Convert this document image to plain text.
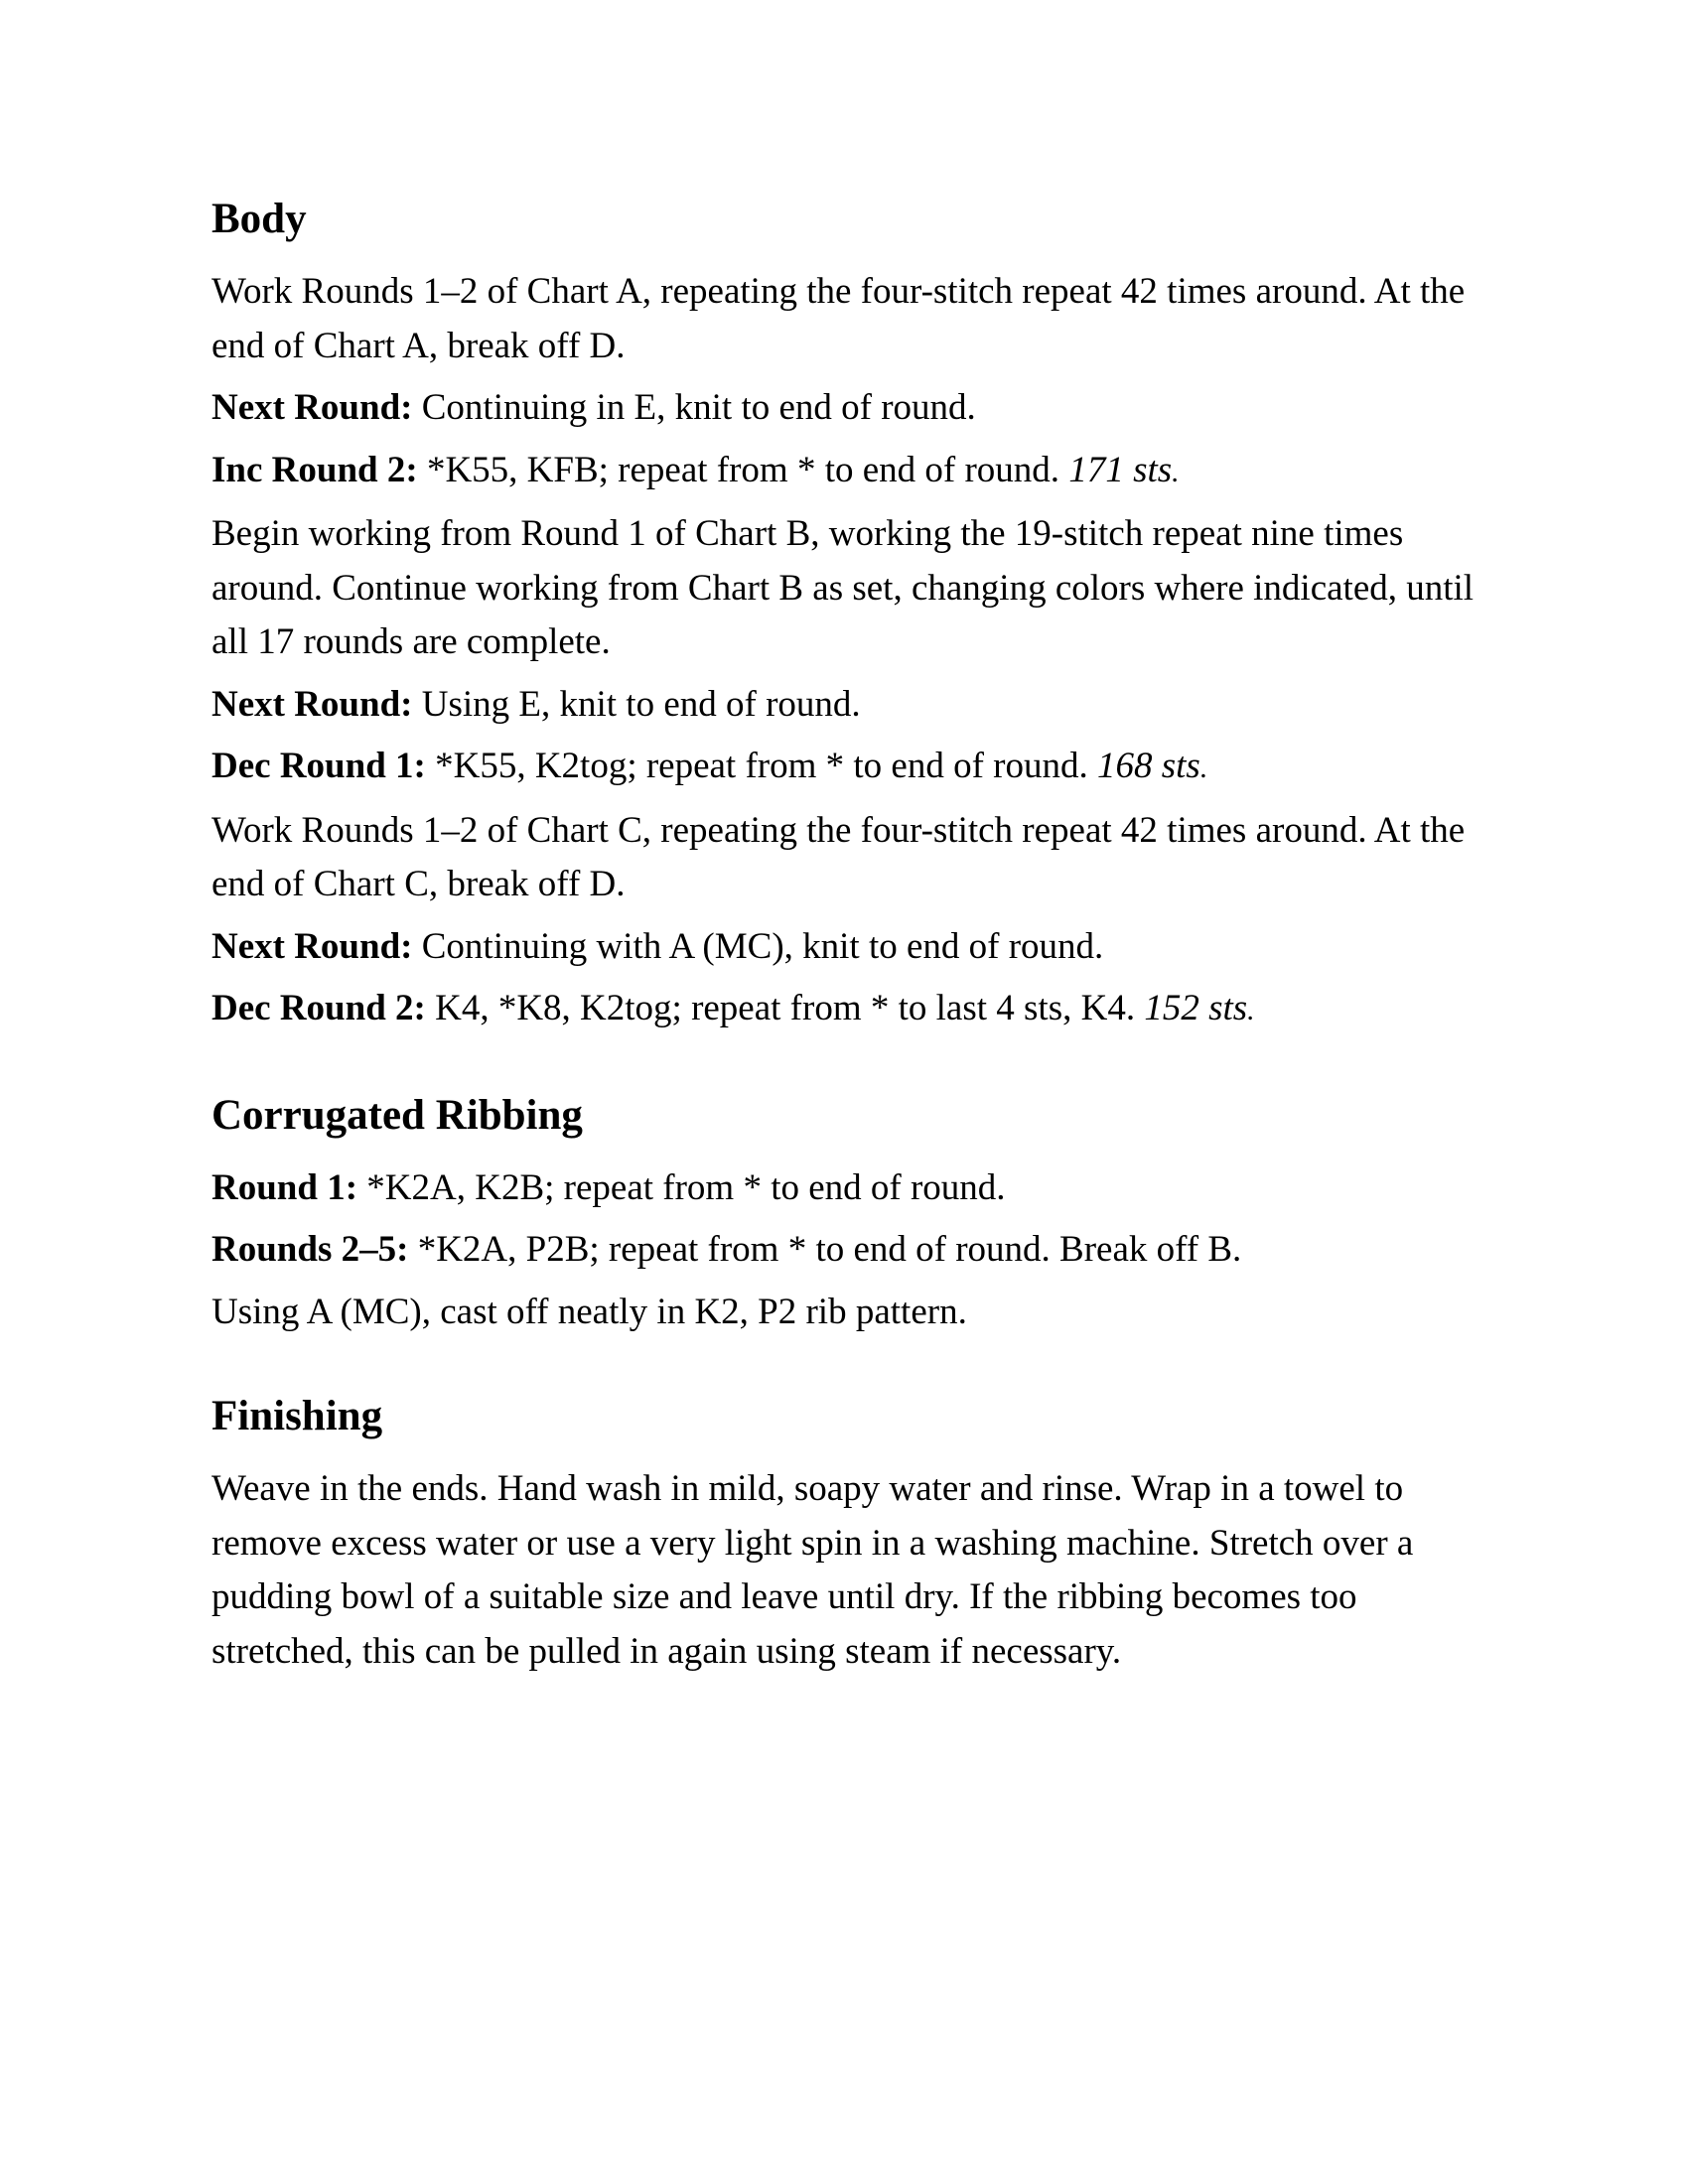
Body

Work Rounds 1–2 of Chart A, repeating the four-stitch repeat 42 times around. At the end of Chart A, break off D.

Next Round: Continuing in E, knit to end of round.

Inc Round 2: *K55, KFB; repeat from * to end of round. 171 sts.

Begin working from Round 1 of Chart B, working the 19-stitch repeat nine times around. Continue working from Chart B as set, changing colors where indicated, until all 17 rounds are complete.

Next Round: Using E, knit to end of round.

Dec Round 1: *K55, K2tog; repeat from * to end of round. 168 sts.

Work Rounds 1–2 of Chart C, repeating the four-stitch repeat 42 times around. At the end of Chart C, break off D.

Next Round: Continuing with A (MC), knit to end of round.

Dec Round 2: K4, *K8, K2tog; repeat from * to last 4 sts, K4. 152 sts.

Corrugated Ribbing

Round 1: *K2A, K2B; repeat from * to end of round.

Rounds 2–5: *K2A, P2B; repeat from * to end of round. Break off B.

Using A (MC), cast off neatly in K2, P2 rib pattern.

Finishing

Weave in the ends. Hand wash in mild, soapy water and rinse. Wrap in a towel to remove excess water or use a very light spin in a washing machine. Stretch over a pudding bowl of a suitable size and leave until dry. If the ribbing becomes too stretched, this can be pulled in again using steam if necessary.
